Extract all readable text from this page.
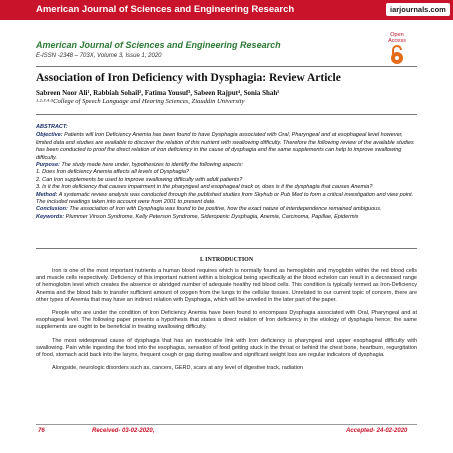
American Journal of Sciences and Engineering Research	iarjournals.com
American Journal of Sciences and Engineering Research
E-ISSN -2348 – 703X, Volume 3, Issue 1, 2020
Open
Access
Association of Iron Deficiency with Dysphagia: Review Article
Sabreen Noor Ali¹, Rabbiah Sohail², Fatima Yousuf³, Sabeen Rajput⁴, Sonia Shah⁵
¹·²·³·⁴·⁵College of Speech Language and Hearing Sciences, Ziauddin University

ABSTRACT:

Objective: Patients will Iron Deficiency Anemia has been found to have Dysphagia associated with Oral, Pharyngeal and at esophageal level however, limited data and studies are available to discover the relation of this nutrient with swallowing difficulty. Therefore the following review of the available studies has been conducted to proof the direct relation of iron deficiency in the cause of dysphagia and the same supplements can help to improve swallowing difficulty.

Purpose: The study made here under, hypothesizes to identify the following aspects:

1. Does Iron deficiency Anemia affects all levels of Dysphagia?

2. Can Iron supplements be used to improve swallowing difficulty with adult patients?

3. Is it the Iron deficiency that causes impairment in the pharyngeal and esophageal track or, does is it the dysphagia that causes Anemia?

Method: A systematic review analysis was conducted through the published studies from Skyhub or Pub Med to form a critical investigation and view point. The included readings taken into account were from 2001 to present date.

Conclusion: The association of Iron with Dysphagia was found to be positive, how the exact nature of interdependence remained ambiguous.

Keywords: Plummer Vinson Syndrome, Kelly Peterson Syndrome, Sideropenic Dysphagia, Anemia, Carcinoma, Papillae, Epidermis

I. INTRODUCTION

Iron is one of the most important nutrients a human blood requires which is normally found as hemoglobin and myoglobin within the red blood cells and muscle cells respectively. Deficiency of this important nutrient within a biological being specifically at the blood echelon can result in a decreased range of hemoglobin level which creates the absence or abridged number of adequate healthy red blood cells. This condition is typically termed as Iron-Deficiency Anemia and the blood fails to transfer sufficient amount of oxygen from the lungs to the cellular tissues. Unrelated to our current topic of concern, there are other types of Anemia that may have an indirect relation with Dysphagia, which will be unveiled in the later part of the paper.

People who are under the condition of Iron Deficiency Anemia have been found to encompass Dysphagia associated with Oral, Pharyngeal and at esophageal level. The following paper presents a hypothesis that states a direct relation of Iron deficiency in the etiology of dysphagia hence; the same supplements are ought to be beneficial in treating swallowing difficulty.

The most widespread cause of dysphagia that has an inextricable link with Iron deficiency is pharyngeal and upper esophageal difficulty with swallowing. Pain while ingesting the food into the esophagus, sensation of food getting stuck in the throat or behind the chest bone, heartburn, regurgitation of food, stomach acid back into the larynx, frequent cough or gag during swallow and significant weight loss are regular indicators of dysphagia.

Alongside, neurologic disorders such as, cancers, GERD, scars at any level of digestive track, radiation

76	Received- 03-02-2020,	Accepted- 24-02-2020
